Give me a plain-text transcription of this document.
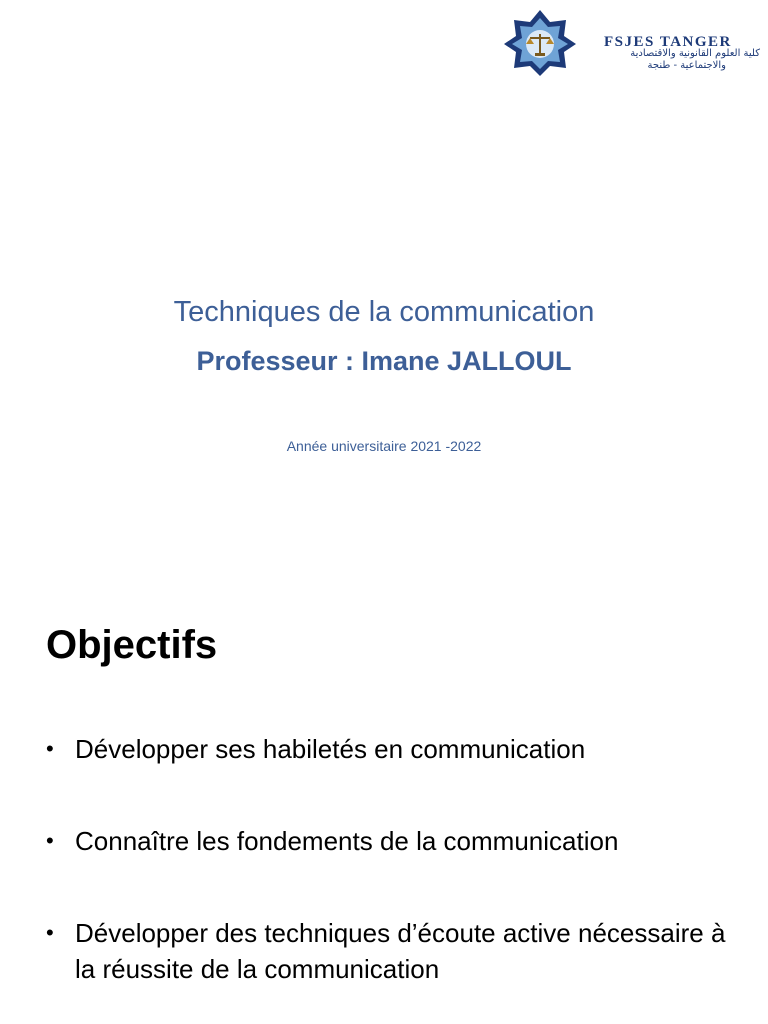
FSJES TANGER
كلية العلوم القانونية والاقتصادية
والاجتماعية - طنجة
Techniques de la communication
Professeur : Imane JALLOUL
Année universitaire 2021 -2022
Objectifs
• Développer ses habiletés en communication
• Connaître les fondements de la communication
• Développer des techniques d’écoute active nécessaire à la réussite de la communication
